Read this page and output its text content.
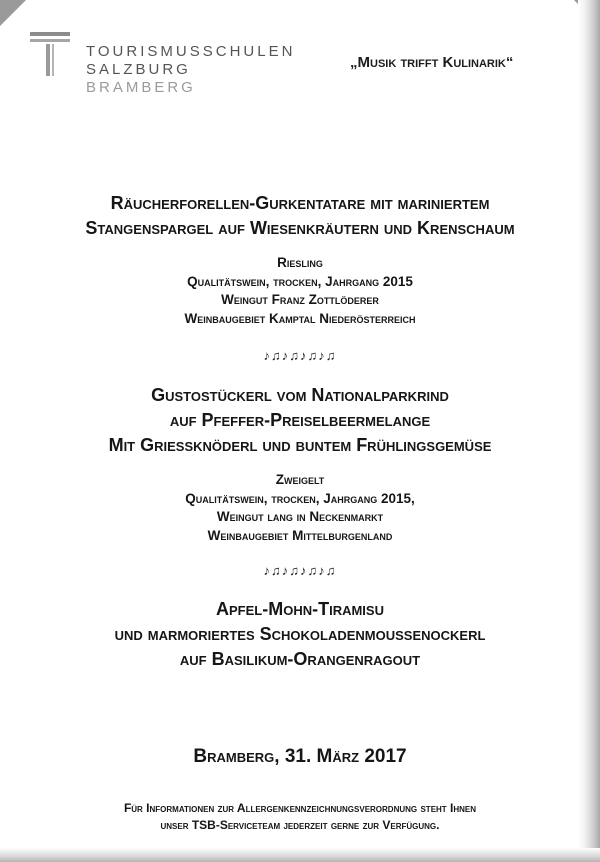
TOURISMUSSCHULEN
SALZBURG
BRAMBERG
„Musik trifft Kulinarik“
Räucherforellen-Gurkentatare mit mariniertem
Stangenspargel auf Wiesenkräutern und Krenschaum
Riesling
Qualitätswein, trocken, Jahrgang 2015
Weingut Franz Zottlöderer
Weinbaugebiet Kamptal Niederösterreich
♪♫♪♫♪♫♪♫
Gustostückerl vom Nationalparkrind
auf Pfeffer-Preiselbeermelange
Mit Grießknöderl und buntem Frühlingsgemüse
Zweigelt
Qualitätswein, trocken, Jahrgang 2015,
Weingut lang in Neckenmarkt
Weinbaugebiet Mittelburgenland
♪♫♪♫♪♫♪♫
Apfel-Mohn-Tiramisu
und marmoriertes Schokoladenmoussenockerl
auf Basilikum-Orangenragout
Bramberg, 31. März 2017
Für Informationen zur Allergenkennzeichnungsverordnung steht Ihnen
unser TSB-Serviceteam jederzeit gerne zur Verfügung.
